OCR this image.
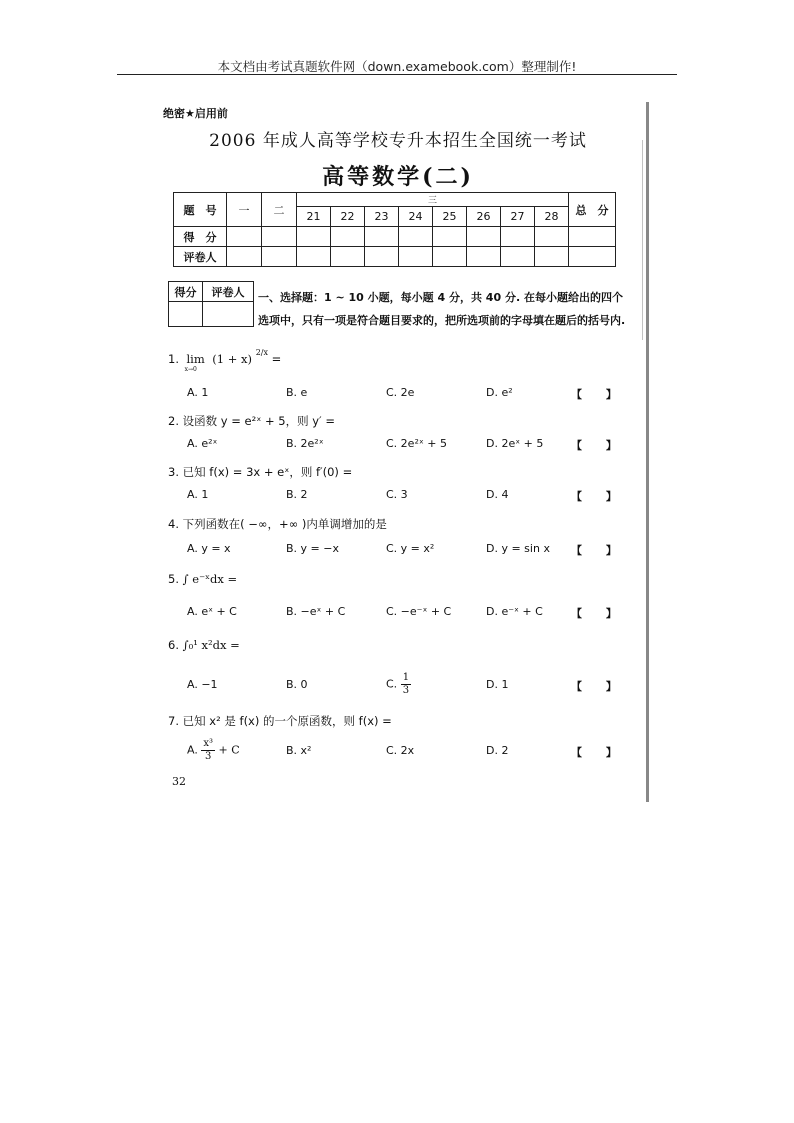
本文档由考试真题软件网（down.examebook.com）整理制作!
绝密★启用前
2006 年成人高等学校专升本招生全国统一考试
高等数学(二)
题　号	一	二	三								总　分
			21	22	23	24	25	26	27	28	
得　分											
评卷人											
得分	评卷人
	一、选择题：1 ~ 10 小题，每小题 4 分，共 40 分. 在每小题给出的四个选项中，只有一项是符合题目要求的，把所选项前的字母填在题后的括号内.
1. lim
x→0
(1 + x) $^{2/x}$ =
A. 1	B. e	C. 2e	D. e²	【 】
2. 设函数 y = e²ˣ + 5，则 y′ =
A. e²ˣ	B. 2e²ˣ	C. 2e²ˣ + 5	D. 2eˣ + 5	【 】
3. 已知 f(x) = 3x + eˣ，则 f′(0) =
A. 1	B. 2	C. 3	D. 4	【 】
4. 下列函数在( −∞，+∞ )内单调增加的是
A. y = x	B. y = −x	C. y = x²	D. y = sin x 【 】
5. ∫ e⁻ˣdx =
A. eˣ + C	B. −eˣ + C	C. −e⁻ˣ + C	D. e⁻ˣ + C	【 】
6. ∫₀¹ x²dx =
A. −1	B. 0	C. $\frac{1}{3}$	D. 1	【 】
7. 已知 x² 是 f(x) 的一个原函数，则 f(x) =
A. $\frac{\text{x³}}{3} + C$	B. x²	C. 2x	D. 2	【 】
32
